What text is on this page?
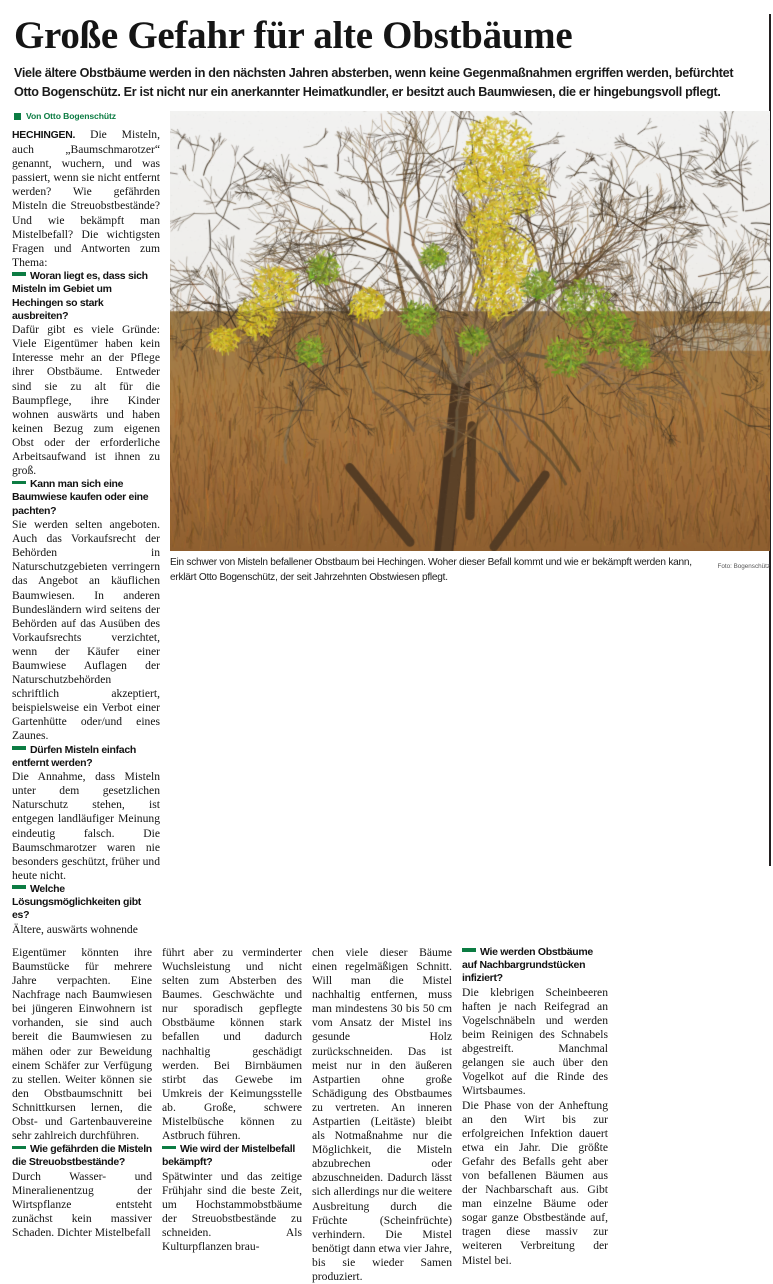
Große Gefahr für alte Obstbäume
Viele ältere Obstbäume werden in den nächsten Jahren absterben, wenn keine Gegenmaßnahmen ergriffen werden, befürchtet Otto Bogenschütz. Er ist nicht nur ein anerkannter Heimatkundler, er besitzt auch Baumwiesen, die er hingebungsvoll pflegt.
Von Otto Bogenschütz

HECHINGEN. Die Misteln, auch „Baumschmarotzer“ genannt, wuchern, und was passiert, wenn sie nicht entfernt werden? Wie gefährden Misteln die Streuobstbestände? Und wie bekämpft man Mistelbefall? Die wichtigsten Fragen und Antworten zum Thema:

Woran liegt es, dass sich Misteln im Gebiet um Hechingen so stark ausbreiten?

Dafür gibt es viele Gründe: Viele Eigentümer haben kein Interesse mehr an der Pflege ihrer Obstbäume. Entweder sind sie zu alt für die Baumpflege, ihre Kinder wohnen auswärts und haben keinen Bezug zum eigenen Obst oder der erforderliche Arbeitsaufwand ist ihnen zu groß.

Kann man sich eine Baumwiese kaufen oder eine pachten?

Sie werden selten angeboten. Auch das Vorkaufsrecht der Behörden in Naturschutzgebieten verringern das Angebot an käuflichen Baumwiesen. In anderen Bundesländern wird seitens der Behörden auf das Ausüben des Vorkaufsrechts verzichtet, wenn der Käufer einer Baumwiese Auflagen der Naturschutzbehörden schriftlich akzeptiert, beispielsweise ein Verbot einer Gartenhütte oder/und eines Zaunes.

Dürfen Misteln einfach entfernt werden?

Die Annahme, dass Misteln unter dem gesetzlichen Naturschutz stehen, ist entgegen landläufiger Meinung eindeutig falsch. Die Baumschmarotzer waren nie besonders geschützt, früher und heute nicht.

Welche Lösungsmöglichkeiten gibt es?

Ältere, auswärts wohnende

Foto: Bogenschütz
Ein schwer von Misteln befallener Obstbaum bei Hechingen. Woher dieser Befall kommt und wie er bekämpft werden kann, erklärt Otto Bogenschütz, der seit Jahrzehnten Obstwiesen pflegt.

Eigentümer könnten ihre Baumstücke für mehrere Jahre verpachten. Eine Nachfrage nach Baumwiesen bei jüngeren Einwohnern ist vorhanden, sie sind auch bereit die Baumwiesen zu mähen oder zur Beweidung einem Schäfer zur Verfügung zu stellen. Weiter können sie den Obstbaumschnitt bei Schnittkursen lernen, die Obst- und Gartenbauvereine sehr zahlreich durchführen.

Wie gefährden die Misteln die Streuobstbestände?

Durch Wasser- und Mineralienentzug der Wirtspflanze entsteht zunächst kein massiver Schaden. Dichter Mistelbefall

führt aber zu verminderter Wuchsleistung und nicht selten zum Absterben des Baumes. Geschwächte und nur sporadisch gepflegte Obstbäume können stark befallen und dadurch nachhaltig geschädigt werden. Bei Birnbäumen stirbt das Gewebe im Umkreis der Keimungsstelle ab. Große, schwere Mistelbüsche können zu Astbruch führen.

Wie wird der Mistelbefall bekämpft?

Spätwinter und das zeitige Frühjahr sind die beste Zeit, um Hochstammobstbäume der Streuobstbestände zu schneiden. Als Kulturpflanzen brau-

chen viele dieser Bäume einen regelmäßigen Schnitt. Will man die Mistel nachhaltig entfernen, muss man mindestens 30 bis 50 cm vom Ansatz der Mistel ins gesunde Holz zurückschneiden. Das ist meist nur in den äußeren Astpartien ohne große Schädigung des Obstbaumes zu vertreten. An inneren Astpartien (Leitäste) bleibt als Notmaßnahme nur die Möglichkeit, die Misteln abzubrechen oder abzuschneiden. Dadurch lässt sich allerdings nur die weitere Ausbreitung durch die Früchte (Scheinfrüchte) verhindern. Die Mistel benötigt dann etwa vier Jahre, bis sie wieder Samen produziert.

Wie werden Obstbäume auf Nachbargrundstücken infiziert?

Die klebrigen Scheinbeeren haften je nach Reifegrad an Vogelschnäbeln und werden beim Reinigen des Schnabels abgestreift. Manchmal gelangen sie auch über den Vogelkot auf die Rinde des Wirtsbaumes.

Die Phase von der Anheftung an den Wirt bis zur erfolgreichen Infektion dauert etwa ein Jahr. Die größte Gefahr des Befalls geht aber von befallenen Bäumen aus der Nachbarschaft aus. Gibt man einzelne Bäume oder sogar ganze Obstbestände auf, tragen diese massiv zur weiteren Verbreitung der Mistel bei.
